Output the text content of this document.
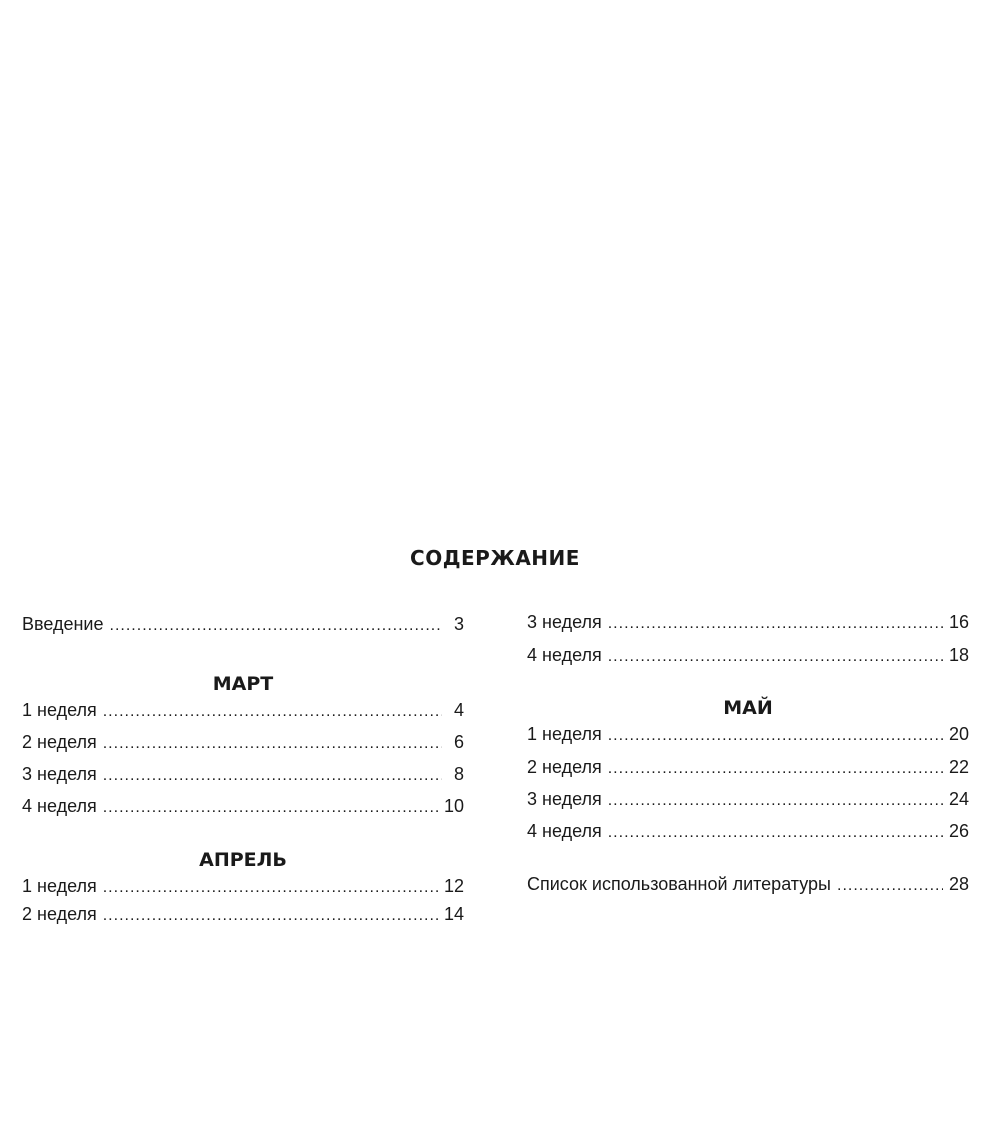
СОДЕРЖАНИЕ
Введение .....	3
МАРТ
1 неделя .....	4
2 неделя .....	6
3 неделя .....	8
4 неделя .....	10
АПРЕЛЬ
1 неделя .....	12
2 неделя .....	14
3 неделя .....	16
4 неделя .....	18
МАЙ
1 неделя .....	20
2 неделя .....	22
3 неделя .....	24
4 неделя .....	26
Список использованной литературы .....	28
